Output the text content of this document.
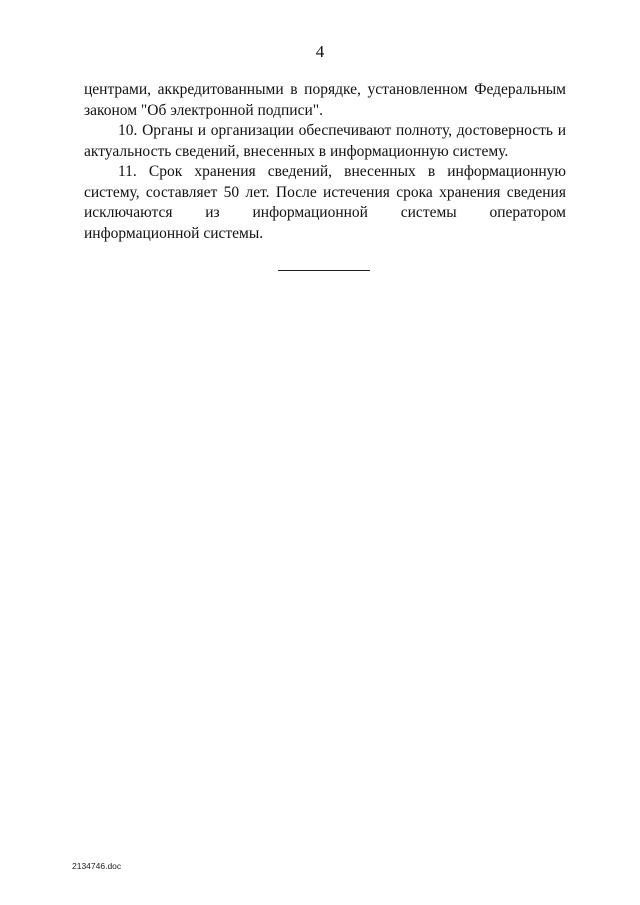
4

центрами, аккредитованными в порядке, установленном Федеральным законом "Об электронной подписи".

10. Органы и организации обеспечивают полноту, достоверность и актуальность сведений, внесенных в информационную систему.

11. Срок хранения сведений, внесенных в информационную систему, составляет 50 лет. После истечения срока хранения сведения исключаются из информационной системы оператором информационной системы.

2134746.doc
